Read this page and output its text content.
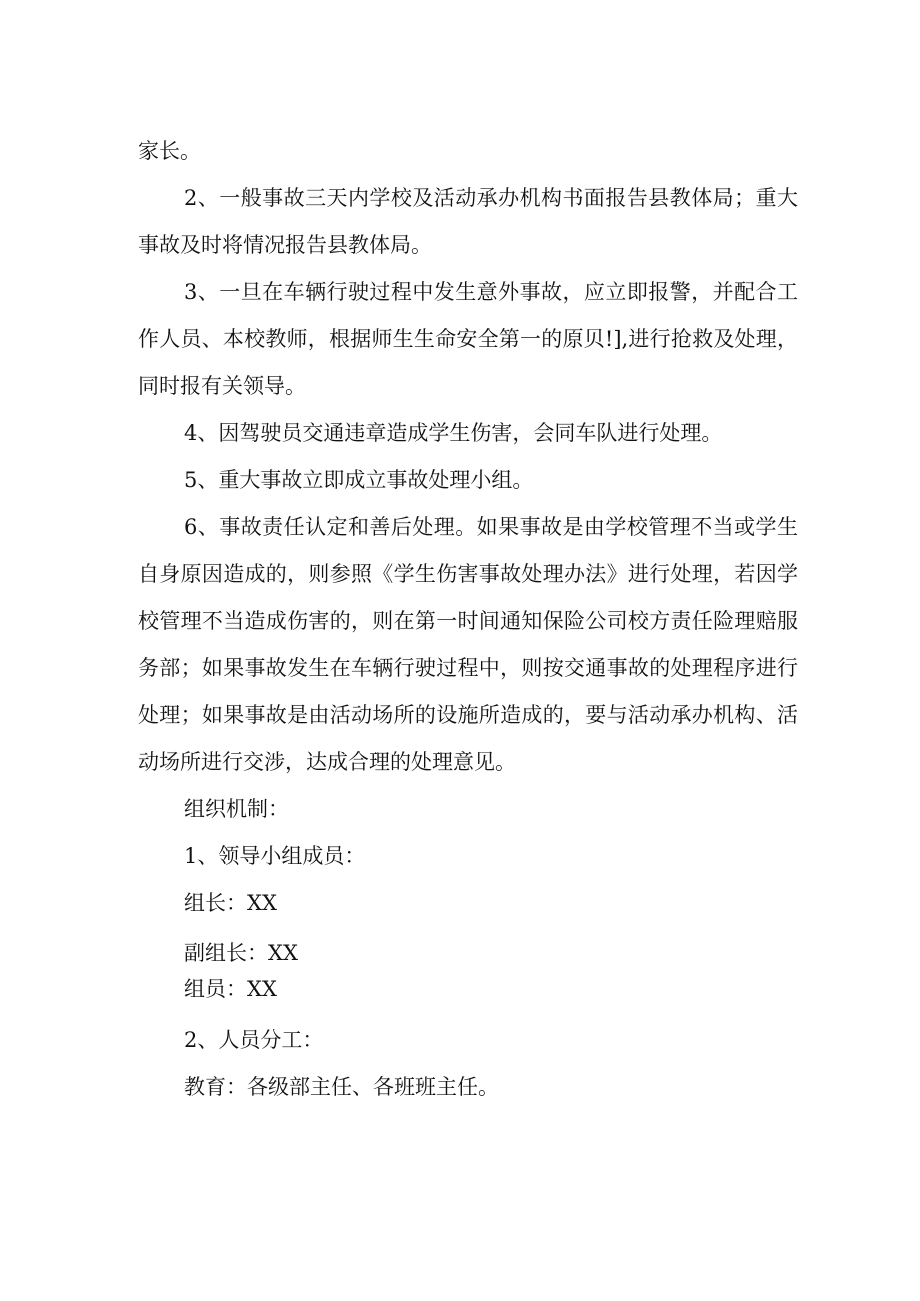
家长。

2、一般事故三天内学校及活动承办机构书面报告县教体局；重大事故及时将情况报告县教体局。

3、一旦在车辆行驶过程中发生意外事故，应立即报警，并配合工作人员、本校教师，根据师生生命安全第一的原贝!],进行抢救及处理，同时报有关领导。

4、因驾驶员交通违章造成学生伤害，会同车队进行处理。

5、重大事故立即成立事故处理小组。

6、事故责任认定和善后处理。如果事故是由学校管理不当或学生自身原因造成的，则参照《学生伤害事故处理办法》进行处理，若因学校管理不当造成伤害的，则在第一时间通知保险公司校方责任险理赔服务部；如果事故发生在车辆行驶过程中，则按交通事故的处理程序进行处理；如果事故是由活动场所的设施所造成的，要与活动承办机构、活动场所进行交涉，达成合理的处理意见。

组织机制：

1、领导小组成员：

组长：XX

副组长：XX

组员：XX

2、人员分工：

教育：各级部主任、各班班主任。
